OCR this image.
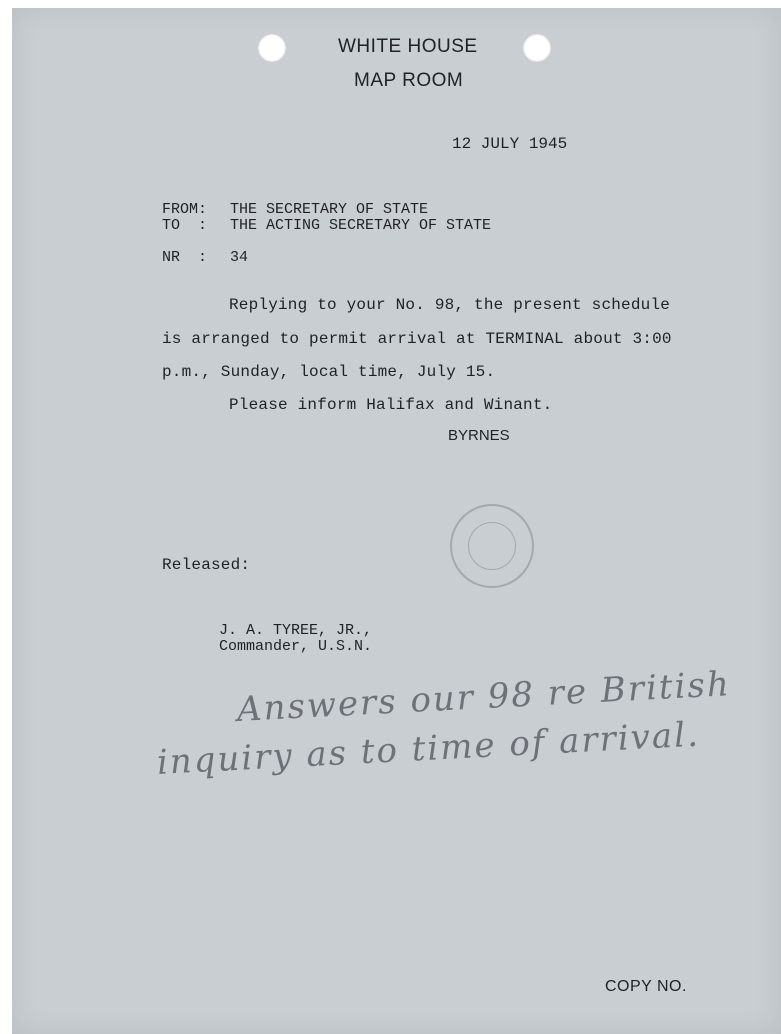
WHITE HOUSE
MAP ROOM
12 JULY 1945
FROM: THE SECRETARY OF STATE
TO  : THE ACTING SECRETARY OF STATE
NR  : 34
Replying to your No. 98, the present schedule
is arranged to permit arrival at TERMINAL about 3:00
p.m., Sunday, local time, July 15.
Please inform Halifax and Winant.
BYRNES
Released:
J. A. TYREE, JR.,
Commander, U.S.N.
Answers our 98 re British
inquiry as to time of arrival.
COPY NO.
